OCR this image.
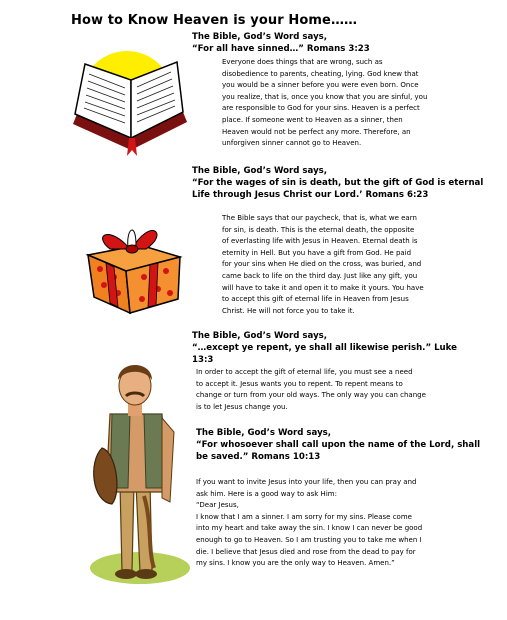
How to Know Heaven is your Home……
The Bible, God’s Word says,
“For all have sinned…” Romans 3:23

Everyone does things that are wrong, such as

disobedience to parents, cheating, lying. God knew that

you would be a sinner before you were even born. Once

you realize, that is, once you know that you are sinful, you

are responsible to God for your sins. Heaven is a perfect

place. If someone went to Heaven as a sinner, then

Heaven would not be perfect any more. Therefore, an

unforgiven sinner cannot go to Heaven.

The Bible, God’s Word says,
“For the wages of sin is death, but the gift of God is eternal Life through Jesus Christ our Lord.’ Romans 6:23

The Bible says that our paycheck, that is, what we earn

for sin, is death. This is the eternal death, the opposite

of everlasting life with Jesus in Heaven. Eternal death is

eternity in Hell. But you have a gift from God. He paid

for your sins when He died on the cross, was buried, and

came back to life on the third day. Just like any gift, you

will have to take it and open it to make it yours. You have

to accept this gift of eternal life in Heaven from Jesus

Christ. He will not force you to take it.

The Bible, God’s Word says,
“…except ye repent, ye shall all likewise perish.” Luke 13:3

In order to accept the gift of eternal life, you must see a need

to accept it. Jesus wants you to repent. To repent means to

change or turn from your old ways. The only way you can change

is to let Jesus change you.

The Bible, God’s Word says,
“For whosoever shall call upon the name of the Lord, shall be saved.” Romans 10:13

If you want to invite Jesus into your life, then you can pray and

ask him. Here is a good way to ask Him:

“Dear Jesus,

I know that I am a sinner. I am sorry for my sins. Please come

into my heart and take away the sin. I know I can never be good

enough to go to Heaven. So I am trusting you to take me when I

die. I believe that Jesus died and rose from the dead to pay for

my sins. I know you are the only way to Heaven. Amen.”
